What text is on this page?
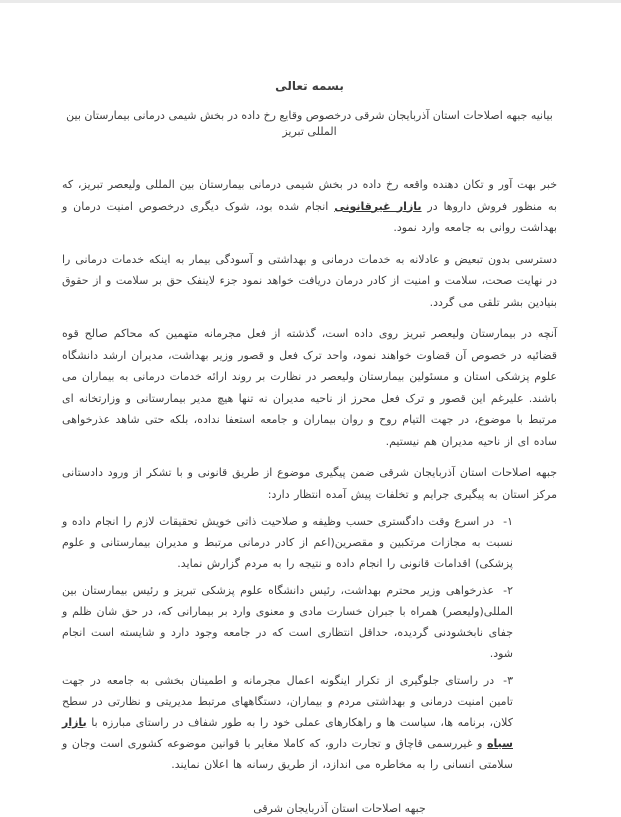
بسمه تعالی
بیانیه جبهه اصلاحات استان آذربایجان شرقی درخصوص وقایع رخ داده در بخش شیمی درمانی بیمارستان بین المللی تبریز

خبر بهت آور و تکان دهنده واقعه رخ داده در بخش شیمی درمانی بیمارستان بین المللی ولیعصر تبریز، که به منظور فروش داروها در بازار غیرقانونی انجام شده بود، شوک دیگری درخصوص امنیت درمان و بهداشت روانی به جامعه وارد نمود.

دسترسی بدون تبعیض و عادلانه به خدمات درمانی و بهداشتی و آسودگی بیمار به اینکه خدمات درمانی را در نهایت صحت، سلامت و امنیت از کادر درمان دریافت خواهد نمود جزء لاینفک حق بر سلامت و از حقوق بنیادین بشر تلقی می گردد.

آنچه در بیمارستان ولیعصر تبریز روی داده است، گذشته از فعل مجرمانه متهمین که محاکم صالح قوه قضائیه در خصوص آن قضاوت خواهند نمود، واحد ترک فعل و قصور وزیر بهداشت، مدیران ارشد دانشگاه علوم پزشکی استان و مسئولین بیمارستان ولیعصر در نظارت بر روند ارائه خدمات درمانی به بیماران می باشند. علیرغم این قصور و ترک فعل محرز از ناحیه مدیران نه تنها هیچ مدیر بیمارستانی و وزارتخانه ای مرتبط با موضوع، در جهت التیام روح و روان بیماران و جامعه استعفا نداده، بلکه حتی شاهد عذرخواهی ساده ای از ناحیه مدیران هم نیستیم.

جبهه اصلاحات استان آذربایجان شرقی ضمن پیگیری موضوع از طریق قانونی و با تشکر از ورود دادستانی مرکز استان به پیگیری جرایم و تخلفات پیش آمده انتظار دارد:

۱-در اسرع وقت دادگستری حسب وظیفه و صلاحیت ذاتی خویش تحقیقات لازم را انجام داده و نسبت به مجازات مرتکبین و مقصرین(اعم از کادر درمانی مرتبط و مدیران بیمارستانی و علوم پزشکی) اقدامات قانونی را انجام داده و نتیجه را به مردم گزارش نماید.
۲-عذرخواهی وزیر محترم بهداشت، رئیس دانشگاه علوم پزشکی تبریز و رئیس بیمارستان بین المللی(ولیعصر) همراه با جبران خسارت مادی و معنوی وارد بر بیمارانی که، در حق شان ظلم و جفای نابخشودنی گردیده، حداقل انتظاری است که در جامعه وجود دارد و شایسته است انجام شود.
۳-در راستای جلوگیری از تکرار اینگونه اعمال مجرمانه و اطمینان بخشی به جامعه در جهت تامین امنیت درمانی و بهداشتی مردم و بیماران، دستگاههای مرتبط مدیریتی و نظارتی در سطح کلان، برنامه ها، سیاست ها و راهکارهای عملی خود را به طور شفاف در راستای مبارزه با بازار سیاه و غیررسمی قاچاق و تجارت دارو، که کاملا مغایر با قوانین موضوعه کشوری است وجان و سلامتی انسانی را به مخاطره می اندازد، از طریق رسانه ها اعلان نمایند.
جبهه اصلاحات استان آذربایجان شرقی
